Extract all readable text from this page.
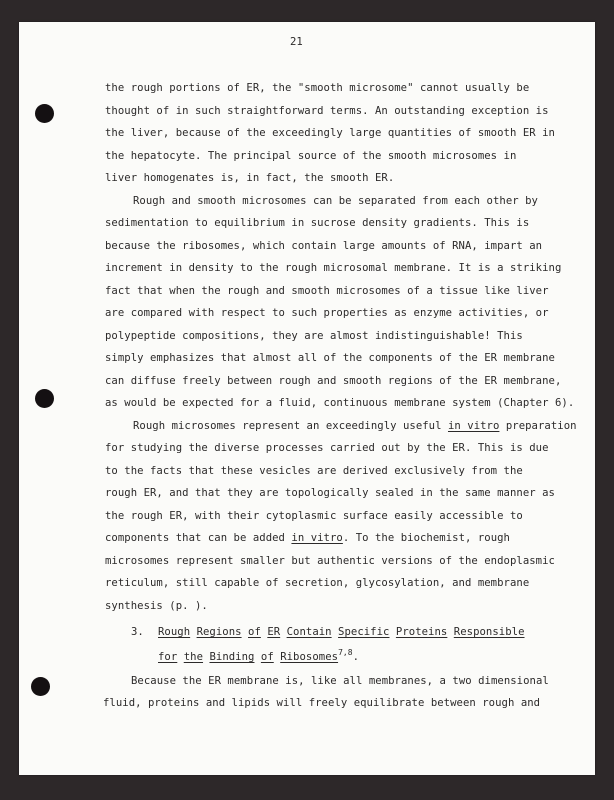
21
the rough portions of ER, the "smooth microsome" cannot usually be
thought of in such straightforward terms. An outstanding exception is
the liver, because of the exceedingly large quantities of smooth ER in
the hepatocyte. The principal source of the smooth microsomes in
liver homogenates is, in fact, the smooth ER.
Rough and smooth microsomes can be separated from each other by
sedimentation to equilibrium in sucrose density gradients. This is
because the ribosomes, which contain large amounts of RNA, impart an
increment in density to the rough microsomal membrane. It is a striking
fact that when the rough and smooth microsomes of a tissue like liver
are compared with respect to such properties as enzyme activities, or
polypeptide compositions, they are almost indistinguishable! This
simply emphasizes that almost all of the components of the ER membrane
can diffuse freely between rough and smooth regions of the ER membrane,
as would be expected for a fluid, continuous membrane system (Chapter 6).
Rough microsomes represent an exceedingly useful in vitro preparation
for studying the diverse processes carried out by the ER. This is due
to the facts that these vesicles are derived exclusively from the
rough ER, and that they are topologically sealed in the same manner as
the rough ER, with their cytoplasmic surface easily accessible to
components that can be added in vitro. To the biochemist, rough
microsomes represent smaller but authentic versions of the endoplasmic
reticulum, still capable of secretion, glycosylation, and membrane
synthesis (p. ).
3. Rough Regions of ER Contain Specific Proteins Responsible
for the Binding of Ribosomes$^{7,8}$.
Because the ER membrane is, like all membranes, a two dimensional
fluid, proteins and lipids will freely equilibrate between rough and
